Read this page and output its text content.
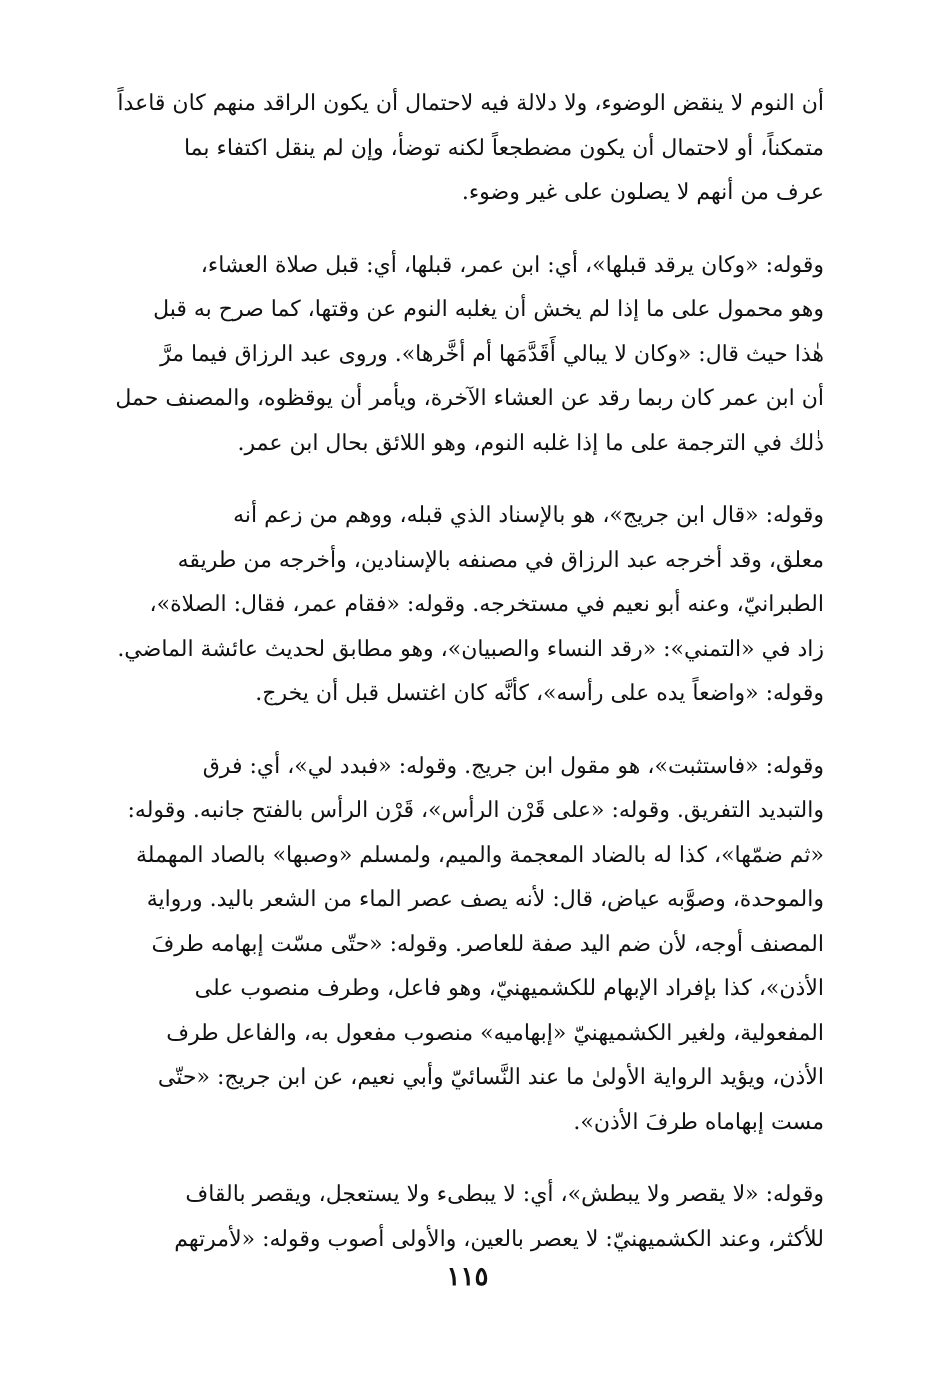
أن النوم لا ينقض الوضوء، ولا دلالة فيه لاحتمال أن يكون الراقد منهم كان قاعداً
متمكناً، أو لاحتمال أن يكون مضطجعاً لكنه توضأ، وإن لم ينقل اكتفاء بما
عرف من أنهم لا يصلون على غير وضوء.
وقوله: «وكان يرقد قبلها»، أي: ابن عمر، قبلها، أي: قبل صلاة العشاء،
وهو محمول على ما إذا لم يخش أن يغلبه النوم عن وقتها، كما صرح به قبل
هٰذا حيث قال: «وكان لا يبالي أَقَدَّمَها أم أخَّرها». وروى عبد الرزاق فيما مرَّ
أن ابن عمر كان ربما رقد عن العشاء الآخرة، ويأمر أن يوقظوه، والمصنف حمل
ذٰلك في الترجمة على ما إذا غلبه النوم، وهو اللائق بحال ابن عمر.
وقوله: «قال ابن جريج»، هو بالإسناد الذي قبله، ووهم من زعم أنه
معلق، وقد أخرجه عبد الرزاق في مصنفه بالإسنادين، وأخرجه من طريقه
الطبرانيّ، وعنه أبو نعيم في مستخرجه. وقوله: «فقام عمر، فقال: الصلاة»،
زاد في «التمني»: «رقد النساء والصبيان»، وهو مطابق لحديث عائشة الماضي.
وقوله: «واضعاً يده على رأسه»، كأنَّه كان اغتسل قبل أن يخرج.
وقوله: «فاستثبت»، هو مقول ابن جريج. وقوله: «فبدد لي»، أي: فرق
والتبديد التفريق. وقوله: «على قَرْن الرأس»، قَرْن الرأس بالفتح جانبه. وقوله:
«ثم ضمّها»، كذا له بالضاد المعجمة والميم، ولمسلم «وصبها» بالصاد المهملة
والموحدة، وصوَّبه عياض، قال: لأنه يصف عصر الماء من الشعر باليد. ورواية
المصنف أوجه، لأن ضم اليد صفة للعاصر. وقوله: «حتّى مسّت إبهامه طرفَ
الأذن»، كذا بإفراد الإبهام للكشميهنيّ، وهو فاعل، وطرف منصوب على
المفعولية، ولغير الكشميهنيّ «إبهاميه» منصوب مفعول به، والفاعل طرف
الأذن، ويؤيد الرواية الأولىٰ ما عند النَّسائيّ وأبي نعيم، عن ابن جريج: «حتّى
مست إبهاماه طرفَ الأذن».
وقوله: «لا يقصر ولا يبطش»، أي: لا يبطىء ولا يستعجل، ويقصر بالقاف
للأكثر، وعند الكشميهنيّ: لا يعصر بالعين، والأولى أصوب وقوله: «لأمرتهم
١١٥
